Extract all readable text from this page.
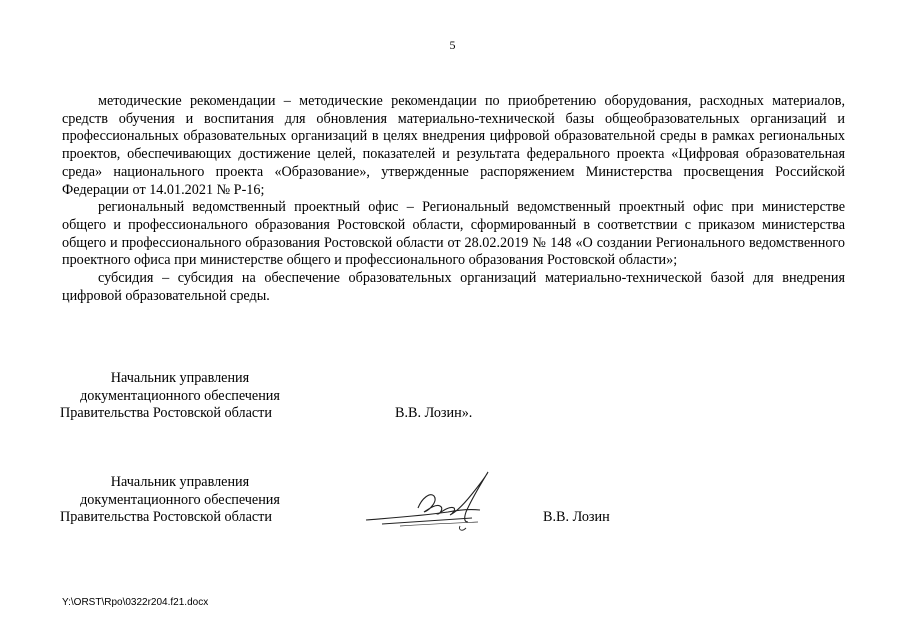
5

методические рекомендации – методические рекомендации по приобретению оборудования, расходных материалов, средств обучения и воспитания для обновления материально-технической базы общеобразовательных организаций и профессиональных образовательных организаций в целях внедрения цифровой образовательной среды в рамках региональных проектов, обеспечивающих достижение целей, показателей и результата федерального проекта «Цифровая образовательная среда» национального проекта «Образование», утвержденные распоряжением Министерства просвещения Российской Федерации от 14.01.2021 № Р-16;

региональный ведомственный проектный офис – Региональный ведомственный проектный офис при министерстве общего и профессионального образования Ростовской области, сформированный в соответствии с приказом министерства общего и профессионального образования Ростовской области от 28.02.2019 № 148 «О создании Регионального ведомственного проектного офиса при министерстве общего и профессионального образования Ростовской области»;

субсидия – субсидия на обеспечение образовательных организаций материально-технической базой для внедрения цифровой образовательной среды.

Начальник управления
документационного обеспечения
Правительства Ростовской области	В.В. Лозин».
Начальник управления
документационного обеспечения
Правительства Ростовской области	В.В. Лозин
Y:\ORST\Rpo\0322r204.f21.docx
